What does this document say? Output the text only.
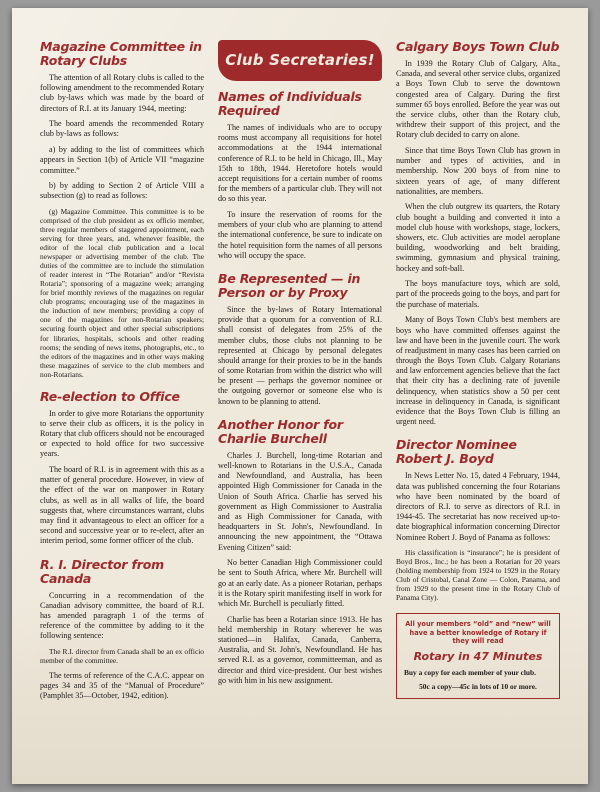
Magazine Committee in Rotary Clubs

The attention of all Rotary clubs is called to the following amendment to the recommended Rotary club by-laws which was made by the board of directors of R.I. at its January 1944, meeting:

The board amends the recommended Rotary club by-laws as follows:

a) by adding to the list of committees which appears in Section 1(b) of Article VII “magazine committee.”

b) by adding to Section 2 of Article VIII a subsection (g) to read as follows:

(g) Magazine Committee. This committee is to be comprised of the club president as ex officio member, three regular members of staggered appointment, each serving for three years, and, whenever feasible, the editor of the local club publication and a local newspaper or advertising member of the club. The duties of the committee are to include the stimulation of reader interest in “The Rotarian” and/or “Revista Rotaria”; sponsoring of a magazine week; arranging for brief monthly reviews of the magazines on regular club programs; encouraging use of the magazines in the induction of new members; providing a copy of one of the magazines for non-Rotarian speakers; securing fourth object and other special subscriptions for libraries, hospitals, schools and other reading rooms; the sending of news items, photographs, etc., to the editors of the magazines and in other ways making these magazines of service to the club members and non-Rotarians.

Re-election to Office

In order to give more Rotarians the opportunity to serve their club as officers, it is the policy in Rotary that club officers should not be encouraged or expected to hold office for two successive years.

The board of R.I. is in agreement with this as a matter of general procedure. However, in view of the effect of the war on manpower in Rotary clubs, as well as in all walks of life, the board suggests that, where circumstances warrant, clubs may find it advantageous to elect an officer for a second and successive year or to re-elect, after an interim period, some former officer of the club.

R. I. Director from Canada

Concurring in a recommendation of the Canadian advisory committee, the board of R.I. has amended paragraph 1 of the terms of reference of the committee by adding to it the following sentence:

The R.I. director from Canada shall be an ex officio member of the committee.

The terms of reference of the C.A.C. appear on pages 34 and 35 of the “Manual of Procedure” (Pamphlet 35—October, 1942, edition).

Club Secretaries!
Names of Individuals Required

The names of individuals who are to occupy rooms must accompany all requisitions for hotel accommodations at the 1944 international conference of R.I. to be held in Chicago, Ill., May 15th to 18th, 1944. Heretofore hotels would accept requisitions for a certain number of rooms for the members of a particular club. They will not do so this year.

To insure the reservation of rooms for the members of your club who are planning to attend the international conference, be sure to indicate on the hotel requisition form the names of all persons who will occupy the space.

Be Represented — in Person or by Proxy

Since the by-laws of Rotary International provide that a quorum for a convention of R.I. shall consist of delegates from 25% of the member clubs, those clubs not planning to be represented at Chicago by personal delegates should arrange for their proxies to be in the hands of some Rotarian from within the district who will be present — perhaps the governor nominee or the outgoing governor or someone else who is known to be planning to attend.

Another Honor for Charlie Burchell

Charles J. Burchell, long-time Rotarian and well-known to Rotarians in the U.S.A., Canada and Newfoundland, and Australia, has been appointed High Commissioner for Canada in the Union of South Africa. Charlie has served his government as High Commissioner to Australia and as High Commissioner for Canada, with headquarters in St. John's, Newfoundland. In announcing the new appointment, the “Ottawa Evening Citizen” said:

No better Canadian High Commissioner could be sent to South Africa, where Mr. Burchell will go at an early date. As a pioneer Rotarian, perhaps it is the Rotary spirit manifesting itself in work for which Mr. Burchell is peculiarly fitted.

Charlie has been a Rotarian since 1913. He has held membership in Rotary wherever he was stationed—in Halifax, Canada, Canberra, Australia, and St. John's, Newfoundland. He has served R.I. as a governor, committeeman, and as director and third vice-president. Our best wishes go with him in his new assignment.

Calgary Boys Town Club

In 1939 the Rotary Club of Calgary, Alta., Canada, and several other service clubs, organized a Boys Town Club to serve the downtown congested area of Calgary. During the first summer 65 boys enrolled. Before the year was out the service clubs, other than the Rotary club, withdrew their support of this project, and the Rotary club decided to carry on alone.

Since that time Boys Town Club has grown in number and types of activities, and in membership. Now 200 boys of from nine to sixteen years of age, of many different nationalities, are members.

When the club outgrew its quarters, the Rotary club bought a building and converted it into a model club house with workshops, stage, lockers, showers, etc. Club activities are model aeroplane building, woodworking and belt braiding, swimming, gymnasium and physical training, hockey and soft-ball.

The boys manufacture toys, which are sold, part of the proceeds going to the boys, and part for the purchase of materials.

Many of Boys Town Club's best members are boys who have committed offenses against the law and have been in the juvenile court. The work of readjustment in many cases has been carried on through the Boys Town Club. Calgary Rotarians and law enforcement agencies believe that the fact that their city has a declining rate of juvenile delinquency, when statistics show a 50 per cent increase in delinquency in Canada, is significant evidence that the Boys Town Club is filling an urgent need.

Director Nominee Robert J. Boyd

In News Letter No. 15, dated 4 February, 1944, data was published concerning the four Rotarians who have been nominated by the board of directors of R.I. to serve as directors of R.I. in 1944-45. The secretariat has now received up-to-date biographical information concerning Director Nominee Robert J. Boyd of Panama as follows:

His classification is “insurance”; he is president of Boyd Bros., Inc.; he has been a Rotarian for 20 years (holding membership from 1924 to 1929 in the Rotary Club of Cristobal, Canal Zone — Colon, Panama, and from 1929 to the present time in the Rotary Club of Panama City).

All your members “old” and “new” will have a better knowledge of Rotary if they will read
Rotary in 47 Minutes
Buy a copy for each member of your club.
50c a copy—45c in lots of 10 or more.
